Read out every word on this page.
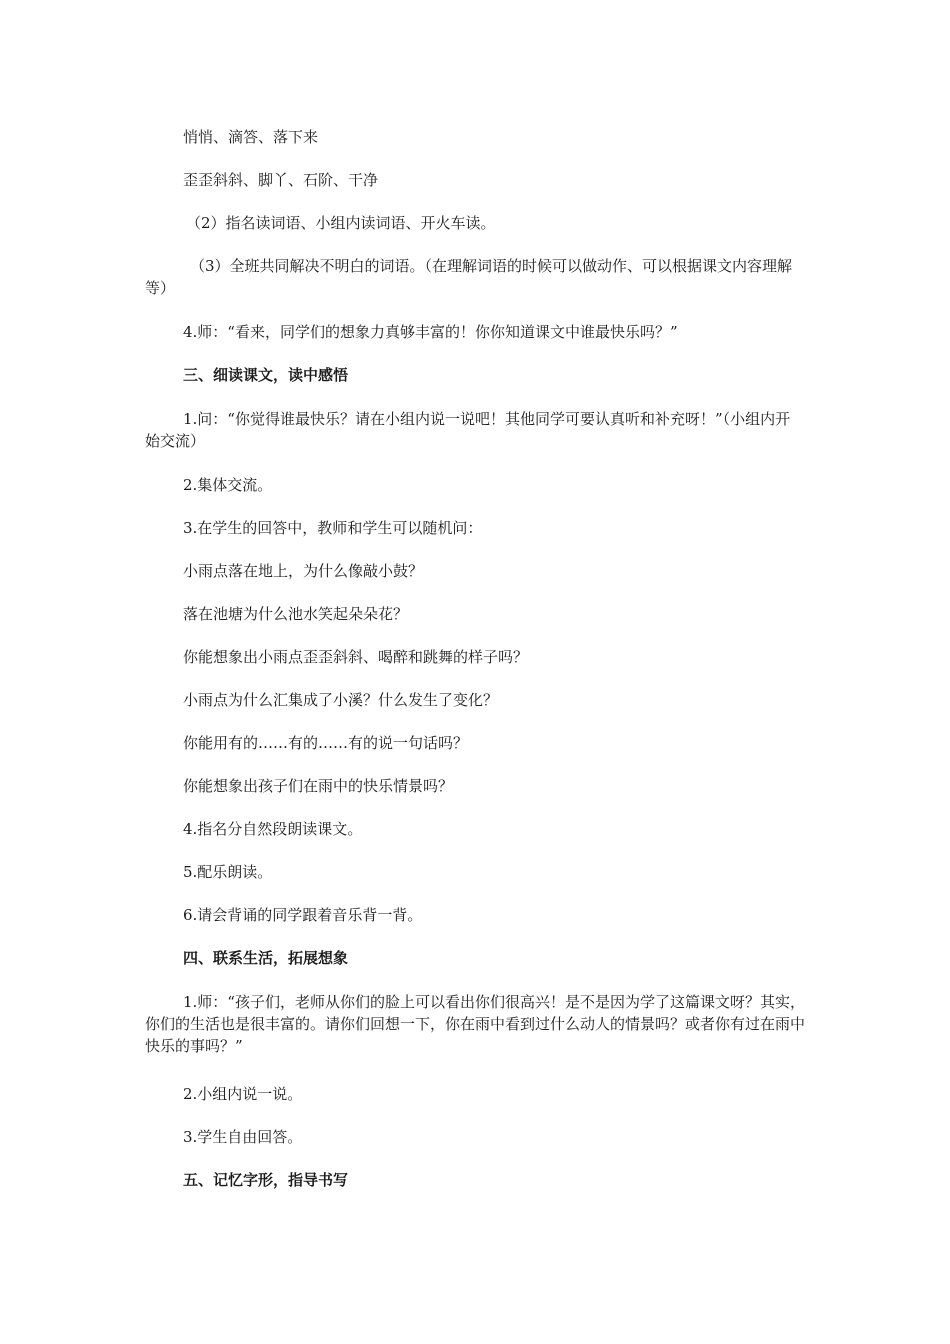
悄悄、滴答、落下来
歪歪斜斜、脚丫、石阶、干净
（2）指名读词语、小组内读词语、开火车读。
（3）全班共同解决不明白的词语。（在理解词语的时候可以做动作、可以根据课文内容理解等）
4.师：“看来，同学们的想象力真够丰富的！你你知道课文中谁最快乐吗？”
三、细读课文，读中感悟
1.问：“你觉得谁最快乐？请在小组内说一说吧！其他同学可要认真听和补充呀！”（小组内开始交流）
2.集体交流。
3.在学生的回答中，教师和学生可以随机问：
小雨点落在地上，为什么像敲小鼓？
落在池塘为什么池水笑起朵朵花？
你能想象出小雨点歪歪斜斜、喝醉和跳舞的样子吗？
小雨点为什么汇集成了小溪？什么发生了变化？
你能用有的……有的……有的说一句话吗？
你能想象出孩子们在雨中的快乐情景吗？
4.指名分自然段朗读课文。
5.配乐朗读。
6.请会背诵的同学跟着音乐背一背。
四、联系生活，拓展想象
1.师：“孩子们，老师从你们的脸上可以看出你们很高兴！是不是因为学了这篇课文呀？其实，你们的生活也是很丰富的。请你们回想一下，你在雨中看到过什么动人的情景吗？或者你有过在雨中快乐的事吗？”
2.小组内说一说。
3.学生自由回答。
五、记忆字形，指导书写
